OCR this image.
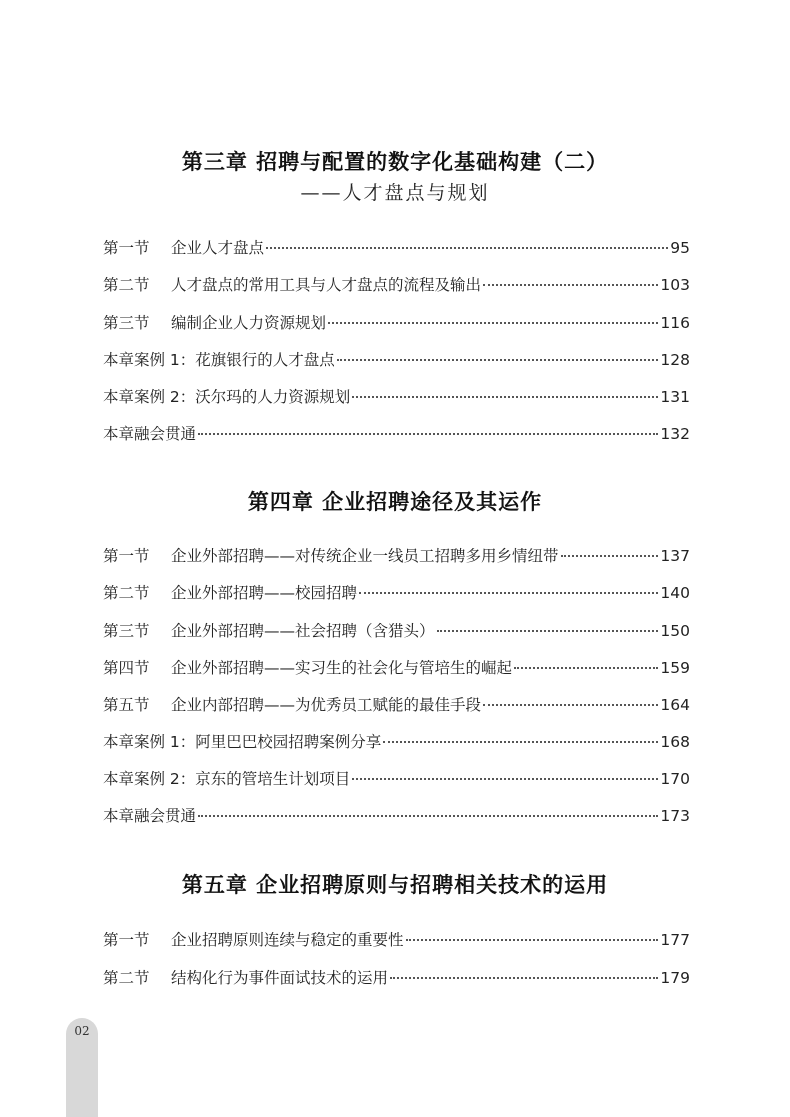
第三章 招聘与配置的数字化基础构建（二）
——人才盘点与规划
第一节	企业人才盘点	95
第二节	人才盘点的常用工具与人才盘点的流程及输出	103
第三节	编制企业人力资源规划	116
本章案例 1：花旗银行的人才盘点	128
本章案例 2：沃尔玛的人力资源规划	131
本章融会贯通	132
第四章 企业招聘途径及其运作
第一节	企业外部招聘——对传统企业一线员工招聘多用乡情纽带	137
第二节	企业外部招聘——校园招聘	140
第三节	企业外部招聘——社会招聘（含猎头）	150
第四节	企业外部招聘——实习生的社会化与管培生的崛起	159
第五节	企业内部招聘——为优秀员工赋能的最佳手段	164
本章案例 1：阿里巴巴校园招聘案例分享	168
本章案例 2：京东的管培生计划项目	170
本章融会贯通	173
第五章 企业招聘原则与招聘相关技术的运用
第一节	企业招聘原则连续与稳定的重要性	177
第二节	结构化行为事件面试技术的运用	179
02
